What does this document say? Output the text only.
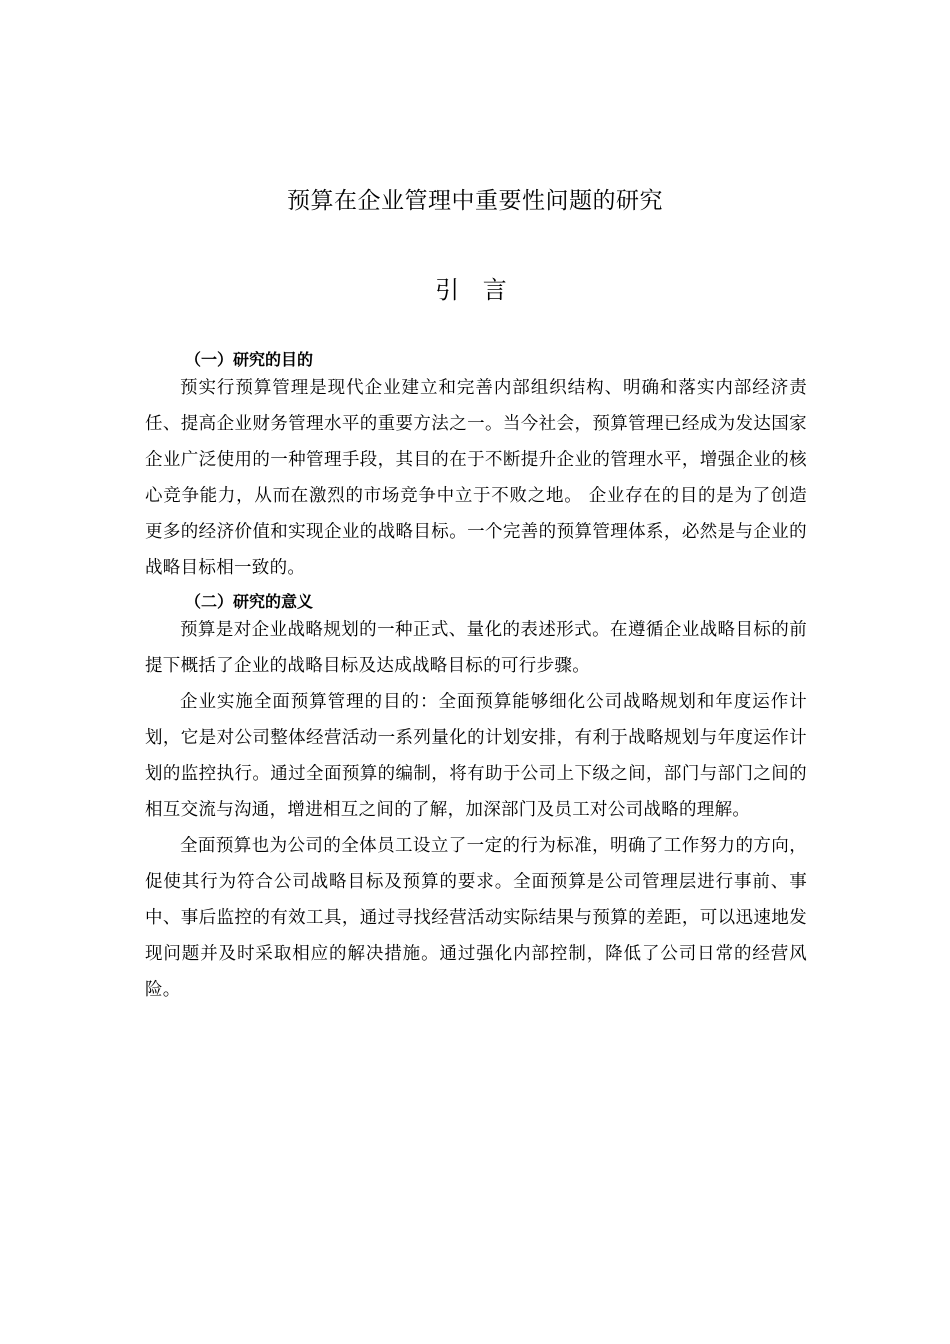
预算在企业管理中重要性问题的研究
引 言
（一）研究的目的

预实行预算管理是现代企业建立和完善内部组织结构、明确和落实内部经济责任、提高企业财务管理水平的重要方法之一。当今社会，预算管理已经成为发达国家企业广泛使用的一种管理手段，其目的在于不断提升企业的管理水平，增强企业的核心竞争能力，从而在激烈的市场竞争中立于不败之地。 企业存在的目的是为了创造更多的经济价值和实现企业的战略目标。一个完善的预算管理体系，必然是与企业的战略目标相一致的。

（二）研究的意义

预算是对企业战略规划的一种正式、量化的表述形式。在遵循企业战略目标的前提下概括了企业的战略目标及达成战略目标的可行步骤。

企业实施全面预算管理的目的：全面预算能够细化公司战略规划和年度运作计划，它是对公司整体经营活动一系列量化的计划安排，有利于战略规划与年度运作计划的监控执行。通过全面预算的编制，将有助于公司上下级之间，部门与部门之间的相互交流与沟通，增进相互之间的了解，加深部门及员工对公司战略的理解。

全面预算也为公司的全体员工设立了一定的行为标准，明确了工作努力的方向，促使其行为符合公司战略目标及预算的要求。全面预算是公司管理层进行事前、事中、事后监控的有效工具，通过寻找经营活动实际结果与预算的差距，可以迅速地发现问题并及时采取相应的解决措施。通过强化内部控制，降低了公司日常的经营风险。
